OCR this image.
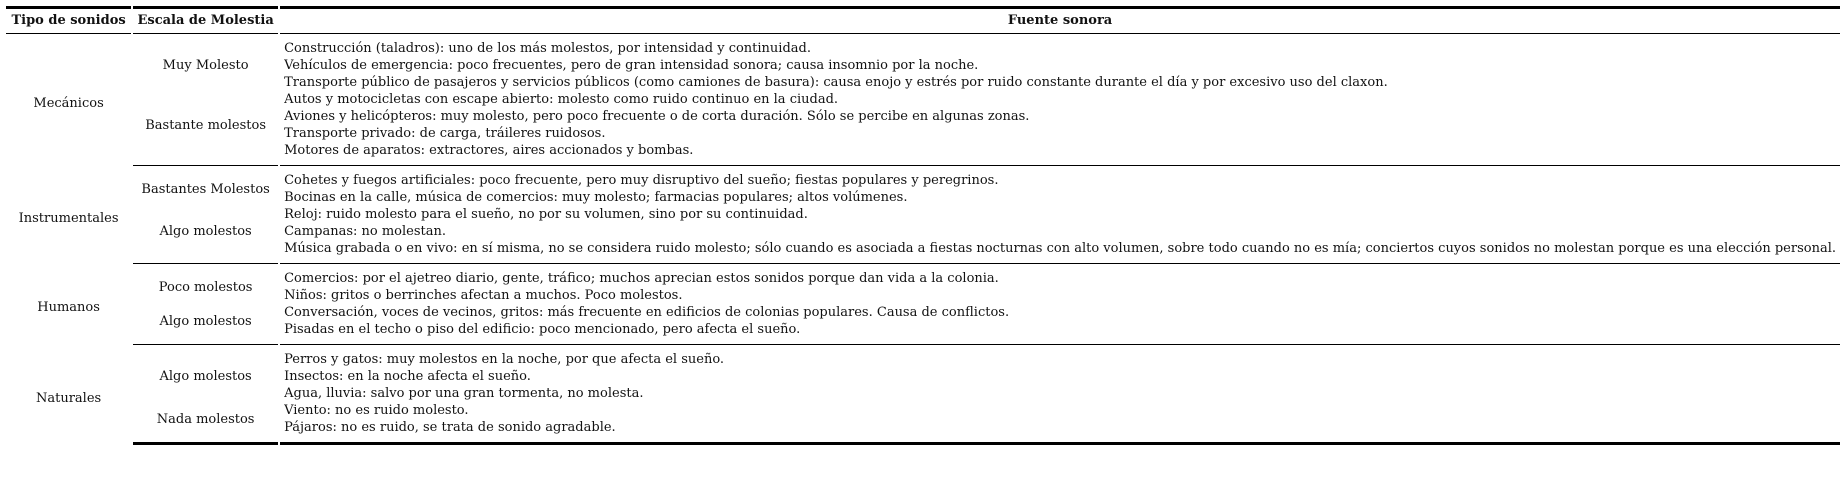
Tipo de sonidos		Escala de Molestia		Fuente sonora
Mecánicos		Muy Molesto		Construcción (taladros): uno de los más molestos, por intensidad y continuidad.
Vehículos de emergencia: poco frecuentes, pero de gran intensidad sonora; causa insomnio por la noche.
Transporte público de pasajeros y servicios públicos (como camiones de basura): causa enojo y estrés por ruido constante durante el día y por excesivo uso del claxon.

		Bastante molestos		Autos y motocicletas con escape abierto: molesto como ruido continuo en la ciudad.
Aviones y helicópteros: muy molesto, pero poco frecuente o de corta duración. Sólo se percibe en algunas zonas.
Transporte privado: de carga, tráileres ruidosos.
Motores de aparatos: extractores, aires accionados y bombas.

Instrumentales		Bastantes Molestos		Cohetes y fuegos artificiales: poco frecuente, pero muy disruptivo del sueño; fiestas populares y peregrinos.
Bocinas en la calle, música de comercios: muy molesto; farmacias populares; altos volúmenes.

		Algo molestos		Reloj: ruido molesto para el sueño, no por su volumen, sino por su continuidad.
Campanas: no molestan.
Música grabada o en vivo: en sí misma, no se considera ruido molesto; sólo cuando es asociada a fiestas nocturnas con alto volumen, sobre todo cuando no es mía; conciertos cuyos sonidos no molestan porque es una elección personal.

Humanos		Poco molestos		Comercios: por el ajetreo diario, gente, tráfico; muchos aprecian estos sonidos porque dan vida a la colonia.
Niños: gritos o berrinches afectan a muchos. Poco molestos.

		Algo molestos		Conversación, voces de vecinos, gritos: más frecuente en edificios de colonias populares. Causa de conflictos.
Pisadas en el techo o piso del edificio: poco mencionado, pero afecta el sueño.

Naturales		Algo molestos		Perros y gatos: muy molestos en la noche, por que afecta el sueño.
Insectos: en la noche afecta el sueño.
Agua, lluvia: salvo por una gran tormenta, no molesta.

		Nada molestos		Viento: no es ruido molesto.
Pájaros: no es ruido, se trata de sonido agradable.
